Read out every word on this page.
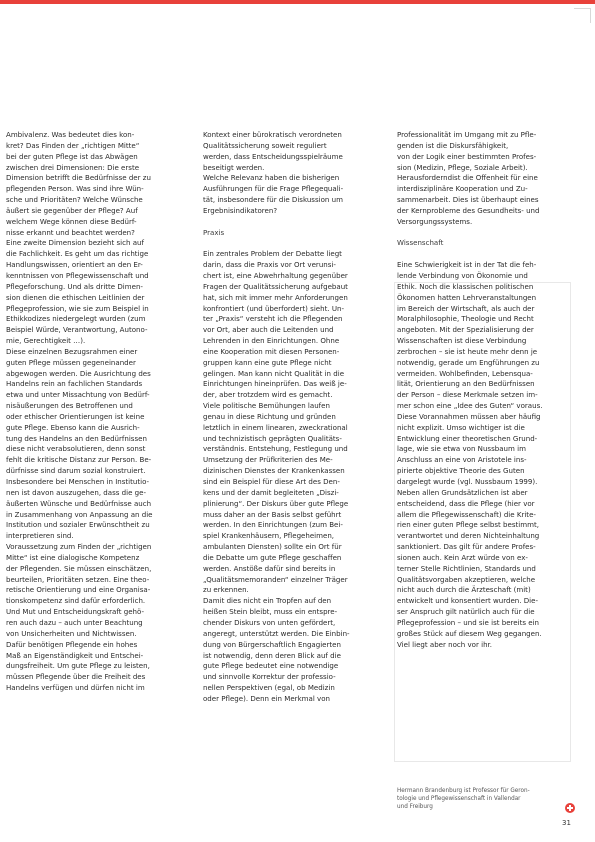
Ambivalenz. Was bedeutet dies kon-

kret? Das Finden der „richtigen Mitte“

bei der guten Pflege ist das Abwägen

zwischen drei Dimensionen: Die erste

Dimension betrifft die Bedürfnisse der zu

pflegenden Person. Was sind ihre Wün-

sche und Prioritäten? Welche Wünsche

äußert sie gegenüber der Pflege? Auf

welchem Wege können diese Bedürf-

nisse erkannt und beachtet werden?

Eine zweite Dimension bezieht sich auf

die Fachlichkeit. Es geht um das richtige

Handlungswissen, orientiert an den Er-

kenntnissen von Pflegewissenschaft und

Pflegeforschung. Und als dritte Dimen-

sion dienen die ethischen Leitlinien der

Pflegeprofession, wie sie zum Beispiel in

Ethikkodizes niedergelegt wurden (zum

Beispiel Würde, Verantwortung, Autono-

mie, Gerechtigkeit …).

Diese einzelnen Bezugsrahmen einer

guten Pflege müssen gegeneinander

abgewogen werden. Die Ausrichtung des

Handelns rein an fachlichen Standards

etwa und unter Missachtung von Bedürf-

nisäußerungen des Betroffenen und

oder ethischer Orientierungen ist keine

gute Pflege. Ebenso kann die Ausrich-

tung des Handelns an den Bedürfnissen

diese nicht verabsolutieren, denn sonst

fehlt die kritische Distanz zur Person. Be-

dürfnisse sind darum sozial konstruiert.

Insbesondere bei Menschen in Institutio-

nen ist davon auszugehen, dass die ge-

äußerten Wünsche und Bedürfnisse auch

in Zusammenhang von Anpassung an die

Institution und sozialer Erwünschtheit zu

interpretieren sind.

Voraussetzung zum Finden der „richtigen

Mitte“ ist eine dialogische Kompetenz

der Pflegenden. Sie müssen einschätzen,

beurteilen, Prioritäten setzen. Eine theo-

retische Orientierung und eine Organisa-

tionskompetenz sind dafür erforderlich.

Und Mut und Entscheidungskraft gehö-

ren auch dazu – auch unter Beachtung

von Unsicherheiten und Nichtwissen.

Dafür benötigen Pflegende ein hohes

Maß an Eigenständigkeit und Entschei-

dungsfreiheit. Um gute Pflege zu leisten,

müssen Pflegende über die Freiheit des

Handelns verfügen und dürfen nicht im

Kontext einer bürokratisch verordneten

Qualitätssicherung soweit reguliert

werden, dass Entscheidungsspielräume

beseitigt werden.

Welche Relevanz haben die bisherigen

Ausführungen für die Frage Pflegequali-

tät, insbesondere für die Diskussion um

Ergebnisindikatoren?

Praxis

Ein zentrales Problem der Debatte liegt

darin, dass die Praxis vor Ort verunsi-

chert ist, eine Abwehrhaltung gegenüber

Fragen der Qualitätssicherung aufgebaut

hat, sich mit immer mehr Anforderungen

konfrontiert (und überfordert) sieht. Un-

ter „Praxis“ versteht ich die Pflegenden

vor Ort, aber auch die Leitenden und

Lehrenden in den Einrichtungen. Ohne

eine Kooperation mit diesen Personen-

gruppen kann eine gute Pflege nicht

gelingen. Man kann nicht Qualität in die

Einrichtungen hineinprüfen. Das weiß je-

der, aber trotzdem wird es gemacht.

Viele politische Bemühungen laufen

genau in diese Richtung und gründen

letztlich in einem linearen, zweckrational

und technizistisch geprägten Qualitäts-

verständnis. Entstehung, Festlegung und

Umsetzung der Prüfkriterien des Me-

dizinischen Dienstes der Krankenkassen

sind ein Beispiel für diese Art des Den-

kens und der damit begleiteten „Diszi-

plinierung“. Der Diskurs über gute Pflege

muss daher an der Basis selbst geführt

werden. In den Einrichtungen (zum Bei-

spiel Krankenhäusern, Pflegeheimen,

ambulanten Diensten) sollte ein Ort für

die Debatte um gute Pflege geschaffen

werden. Anstöße dafür sind bereits in

„Qualitätsmemoranden“ einzelner Träger

zu erkennen.

Damit dies nicht ein Tropfen auf den

heißen Stein bleibt, muss ein entspre-

chender Diskurs von unten gefördert,

angeregt, unterstützt werden. Die Einbin-

dung von Bürgerschaftlich Engagierten

ist notwendig, denn deren Blick auf die

gute Pflege bedeutet eine notwendige

und sinnvolle Korrektur der professio-

nellen Perspektiven (egal, ob Medizin

oder Pflege). Denn ein Merkmal von

Professionalität im Umgang mit zu Pfle-

genden ist die Diskursfähigkeit,

von der Logik einer bestimmten Profes-

sion (Medizin, Pflege, Soziale Arbeit).

Herausforderndist die Offenheit für eine

interdisziplinäre Kooperation und Zu-

sammenarbeit. Dies ist überhaupt eines

der Kernprobleme des Gesundheits- und

Versorgungssystems.

Wissenschaft

Eine Schwierigkeit ist in der Tat die feh-

lende Verbindung von Ökonomie und

Ethik. Noch die klassischen politischen

Ökonomen hatten Lehrveranstaltungen

im Bereich der Wirtschaft, als auch der

Moralphilosophie, Theologie und Recht

angeboten. Mit der Spezialisierung der

Wissenschaften ist diese Verbindung

zerbrochen – sie ist heute mehr denn je

notwendig, gerade um Engführungen zu

vermeiden. Wohlbefinden, Lebensqua-

lität, Orientierung an den Bedürfnissen

der Person – diese Merkmale setzen im-

mer schon eine „Idee des Guten“ voraus.

Diese Vorannahmen müssen aber häufig

nicht explizit. Umso wichtiger ist die

Entwicklung einer theoretischen Grund-

lage, wie sie etwa von Nussbaum im

Anschluss an eine von Aristotele ins-

pirierte objektive Theorie des Guten

dargelegt wurde (vgl. Nussbaum 1999).

Neben allen Grundsätzlichen ist aber

entscheidend, dass die Pflege (hier vor

allem die Pflegewissenschaft) die Krite-

rien einer guten Pflege selbst bestimmt,

verantwortet und deren Nichteinhaltung

sanktioniert. Das gilt für andere Profes-

sionen auch. Kein Arzt würde von ex-

terner Stelle Richtlinien, Standards und

Qualitätsvorgaben akzeptieren, welche

nicht auch durch die Ärzteschaft (mit)

entwickelt und konsentiert wurden. Die-

ser Anspruch gilt natürlich auch für die

Pflegeprofession – und sie ist bereits ein

großes Stück auf diesem Weg gegangen.

Viel liegt aber noch vor ihr.

Hermann Brandenburg ist Professor für Geron-

tologie und Pflegewissenschaft in Vallendar

und Freiburg

31
